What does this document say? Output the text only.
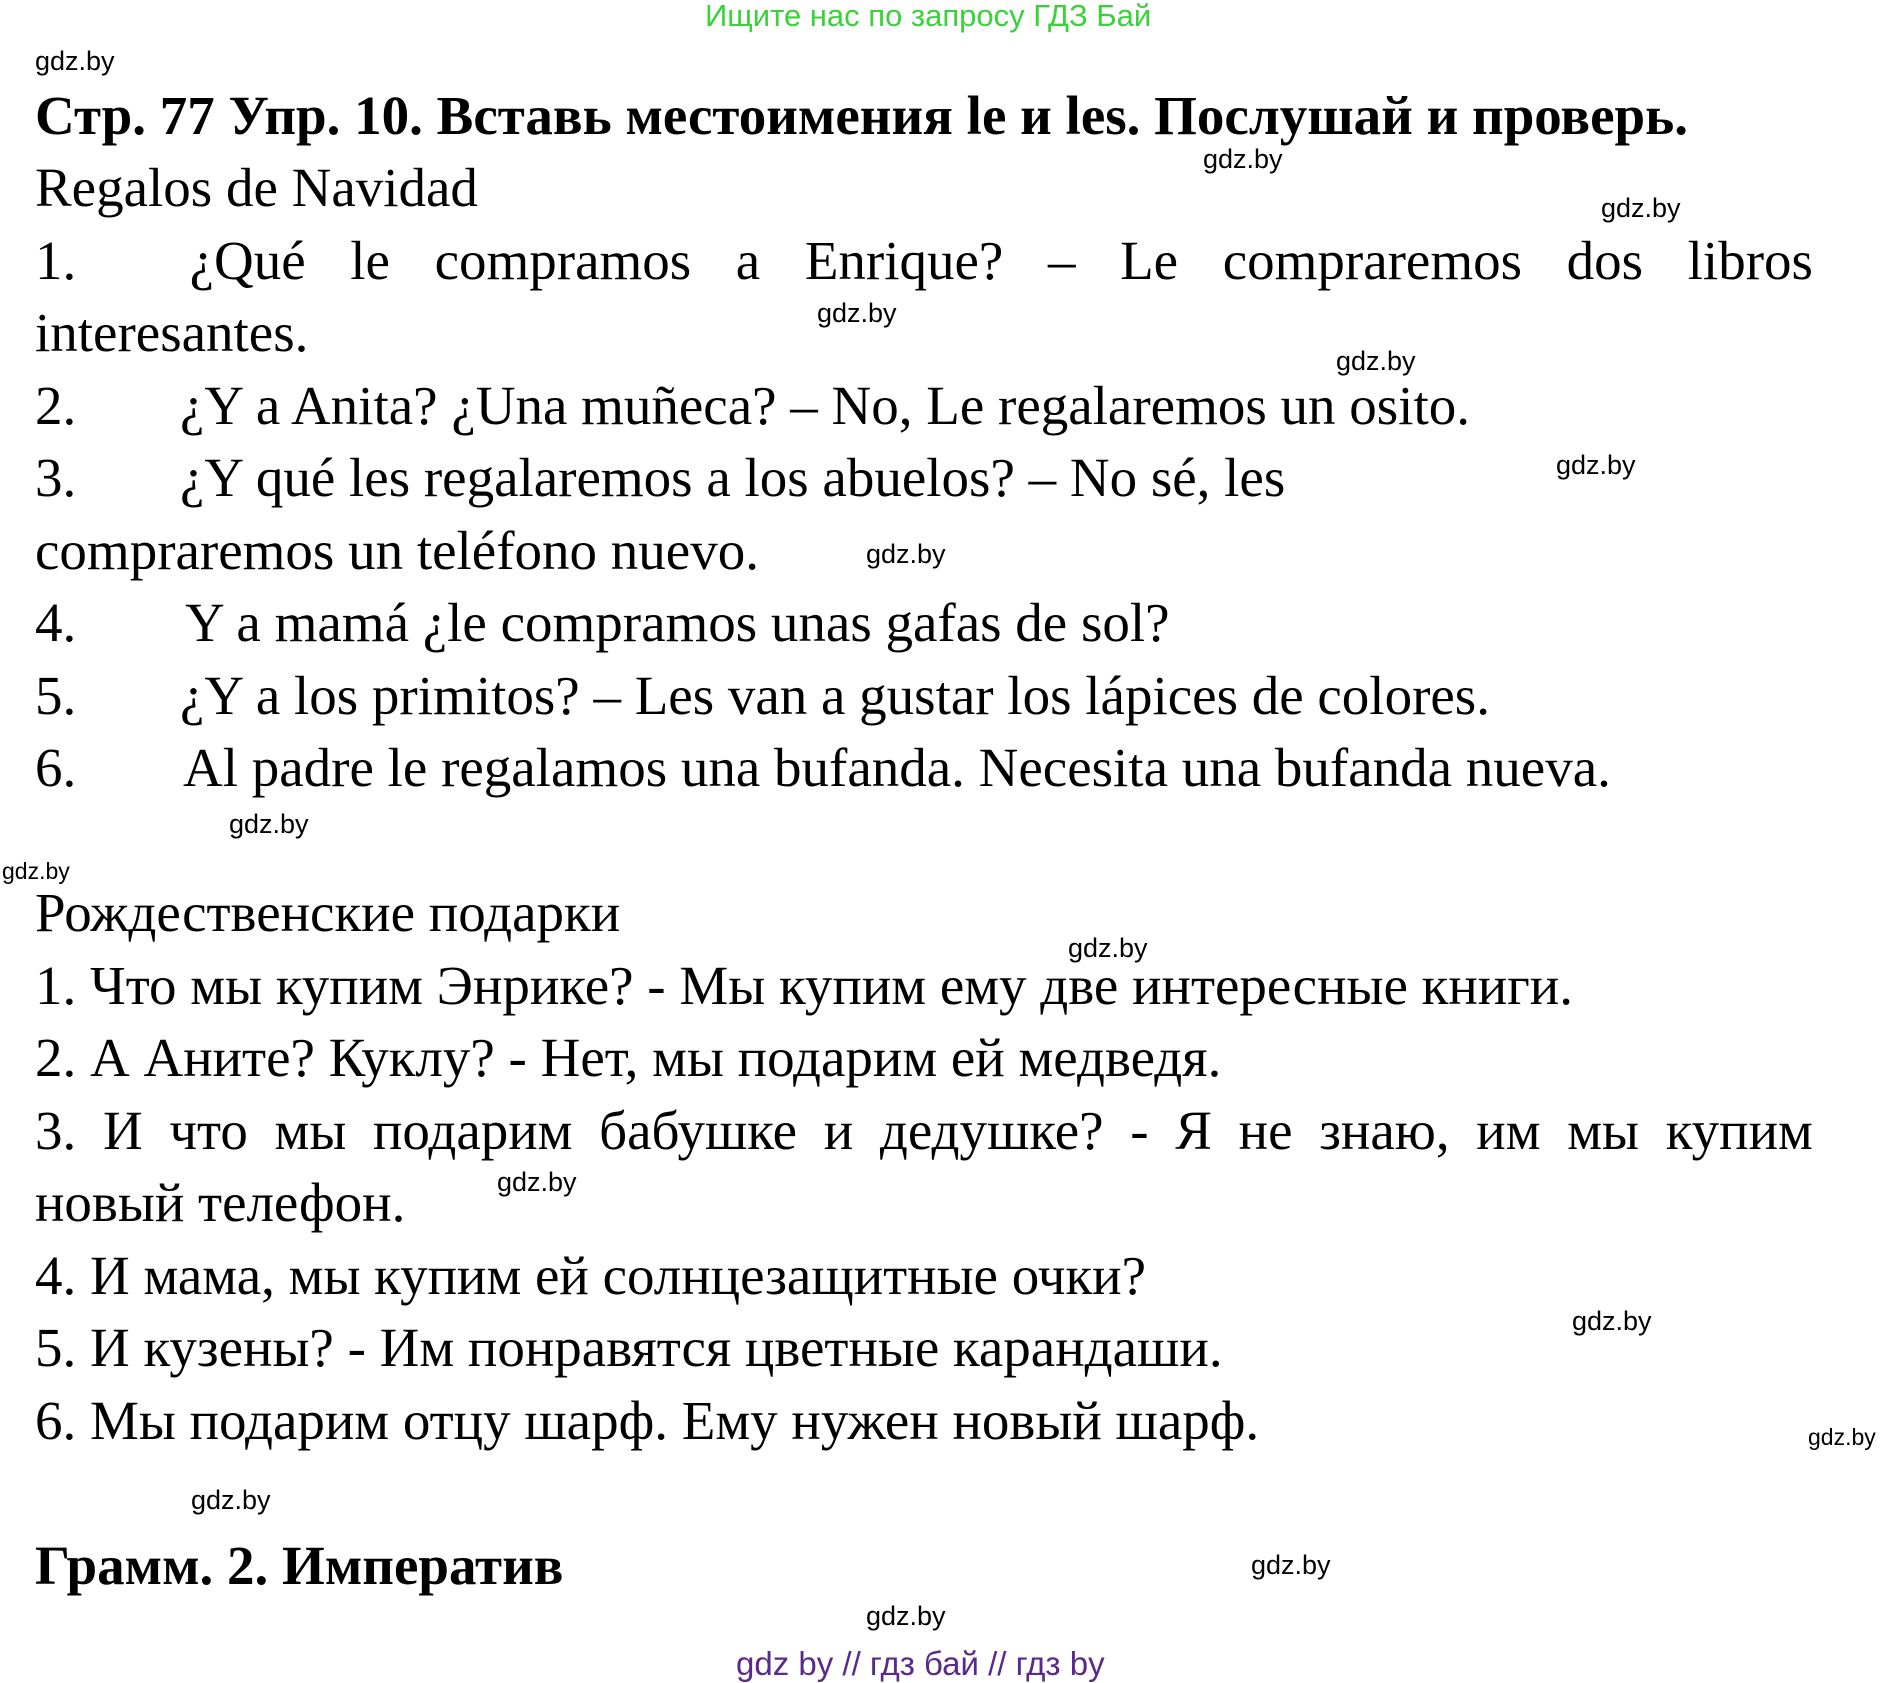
Ищите нас по запросу ГДЗ Бай
gdz.by
gdz.by
gdz.by
gdz.by
gdz.by
gdz.by
gdz.by
gdz.by
gdz.by
gdz.by
gdz.by
gdz.by
gdz.by
gdz.by
gdz.by
gdz.by
Стр. 77 Упр. 10. Вставь местоимения le и les. Послушай и проверь.
Regalos de Navidad
1.	¿Qué le compramos a Enrique? – Le compraremos dos libros
interesantes.
2. ¿Y a Anita? ¿Una muñeca? – No, Le regalaremos un osito.
3. ¿Y qué les regalaremos a los abuelos? – No sé, les
compraremos un teléfono nuevo.
4. Y a mamá ¿le compramos unas gafas de sol?
5. ¿Y a los primitos? – Les van a gustar los lápices de colores.
6. Al padre le regalamos una bufanda. Necesita una bufanda nueva.
Рождественские подарки
1. Что мы купим Энрике? - Мы купим ему две интересные книги.
2. А Аните? Куклу? - Нет, мы подарим ей медведя.
3. И что мы подарим бабушке и дедушке? - Я не знаю, им мы купим
новый телефон.
4. И мама, мы купим ей солнцезащитные очки?
5. И кузены? - Им понравятся цветные карандаши.
6. Мы подарим отцу шарф. Ему нужен новый шарф.
Грамм. 2. Императив
gdz by // гдз бай // гдз by
